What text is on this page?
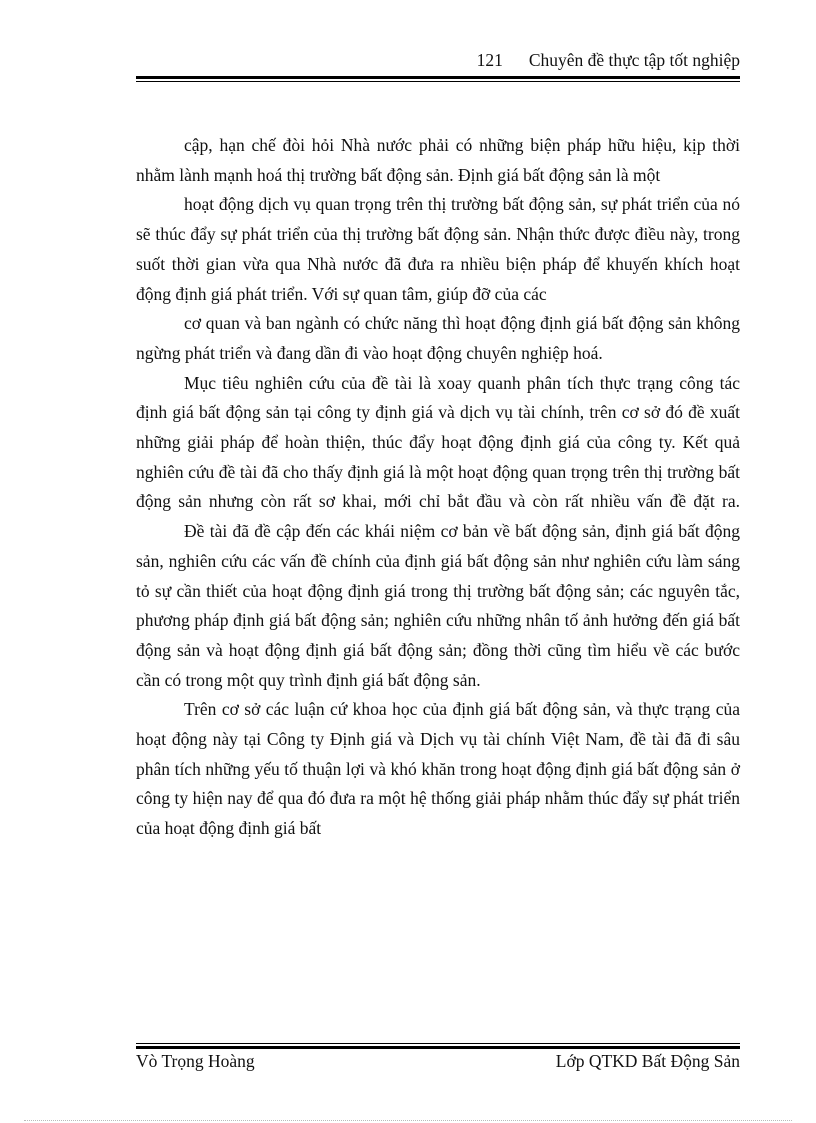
121 Chuyên đề thực tập tốt nghiệp

cập, hạn chế đòi hỏi Nhà nước phải có những biện pháp hữu hiệu, kịp thời nhằm lành mạnh hoá thị trường bất động sản. Định giá bất động sản là một

hoạt động dịch vụ quan trọng trên thị trường bất động sản, sự phát triển của nó sẽ thúc đẩy sự phát triển của thị trường bất động sản. Nhận thức được điều này, trong suốt thời gian vừa qua Nhà nước đã đưa ra nhiều biện pháp để khuyến khích hoạt động định giá phát triển. Với sự quan tâm, giúp đỡ của các

cơ quan và ban ngành có chức năng thì hoạt động định giá bất động sản không ngừng phát triển và đang dần đi vào hoạt động chuyên nghiệp hoá.

Mục tiêu nghiên cứu của đề tài là xoay quanh phân tích thực trạng công tác định giá bất động sản tại công ty định giá và dịch vụ tài chính, trên cơ sở đó đề xuất những giải pháp để hoàn thiện, thúc đẩy hoạt động định giá của công ty. Kết quả nghiên cứu đề tài đã cho thấy định giá là một hoạt động quan trọng trên thị trường bất động sản nhưng còn rất sơ khai, mới chỉ bắt đầu và còn rất nhiều vấn đề đặt ra.

Đề tài đã đề cập đến các khái niệm cơ bản về bất động sản, định giá bất động sản, nghiên cứu các vấn đề chính của định giá bất động sản như nghiên cứu làm sáng tỏ sự cần thiết của hoạt động định giá trong thị trường bất động sản; các nguyên tắc, phương pháp định giá bất động sản; nghiên cứu những nhân tố ảnh hưởng đến giá bất động sản và hoạt động định giá bất động sản; đồng thời cũng tìm hiểu về các bước cần có trong một quy trình định giá bất động sản.

Trên cơ sở các luận cứ khoa học của định giá bất động sản, và thực trạng của hoạt động này tại Công ty Định giá và Dịch vụ tài chính Việt Nam, đề tài đã đi sâu phân tích những yếu tố thuận lợi và khó khăn trong hoạt động định giá bất động sản ở công ty hiện nay để qua đó đưa ra một hệ thống giải pháp nhằm thúc đẩy sự phát triển của hoạt động định giá bất

Vò Trọng Hoàng	Lớp QTKD Bất Động Sản
